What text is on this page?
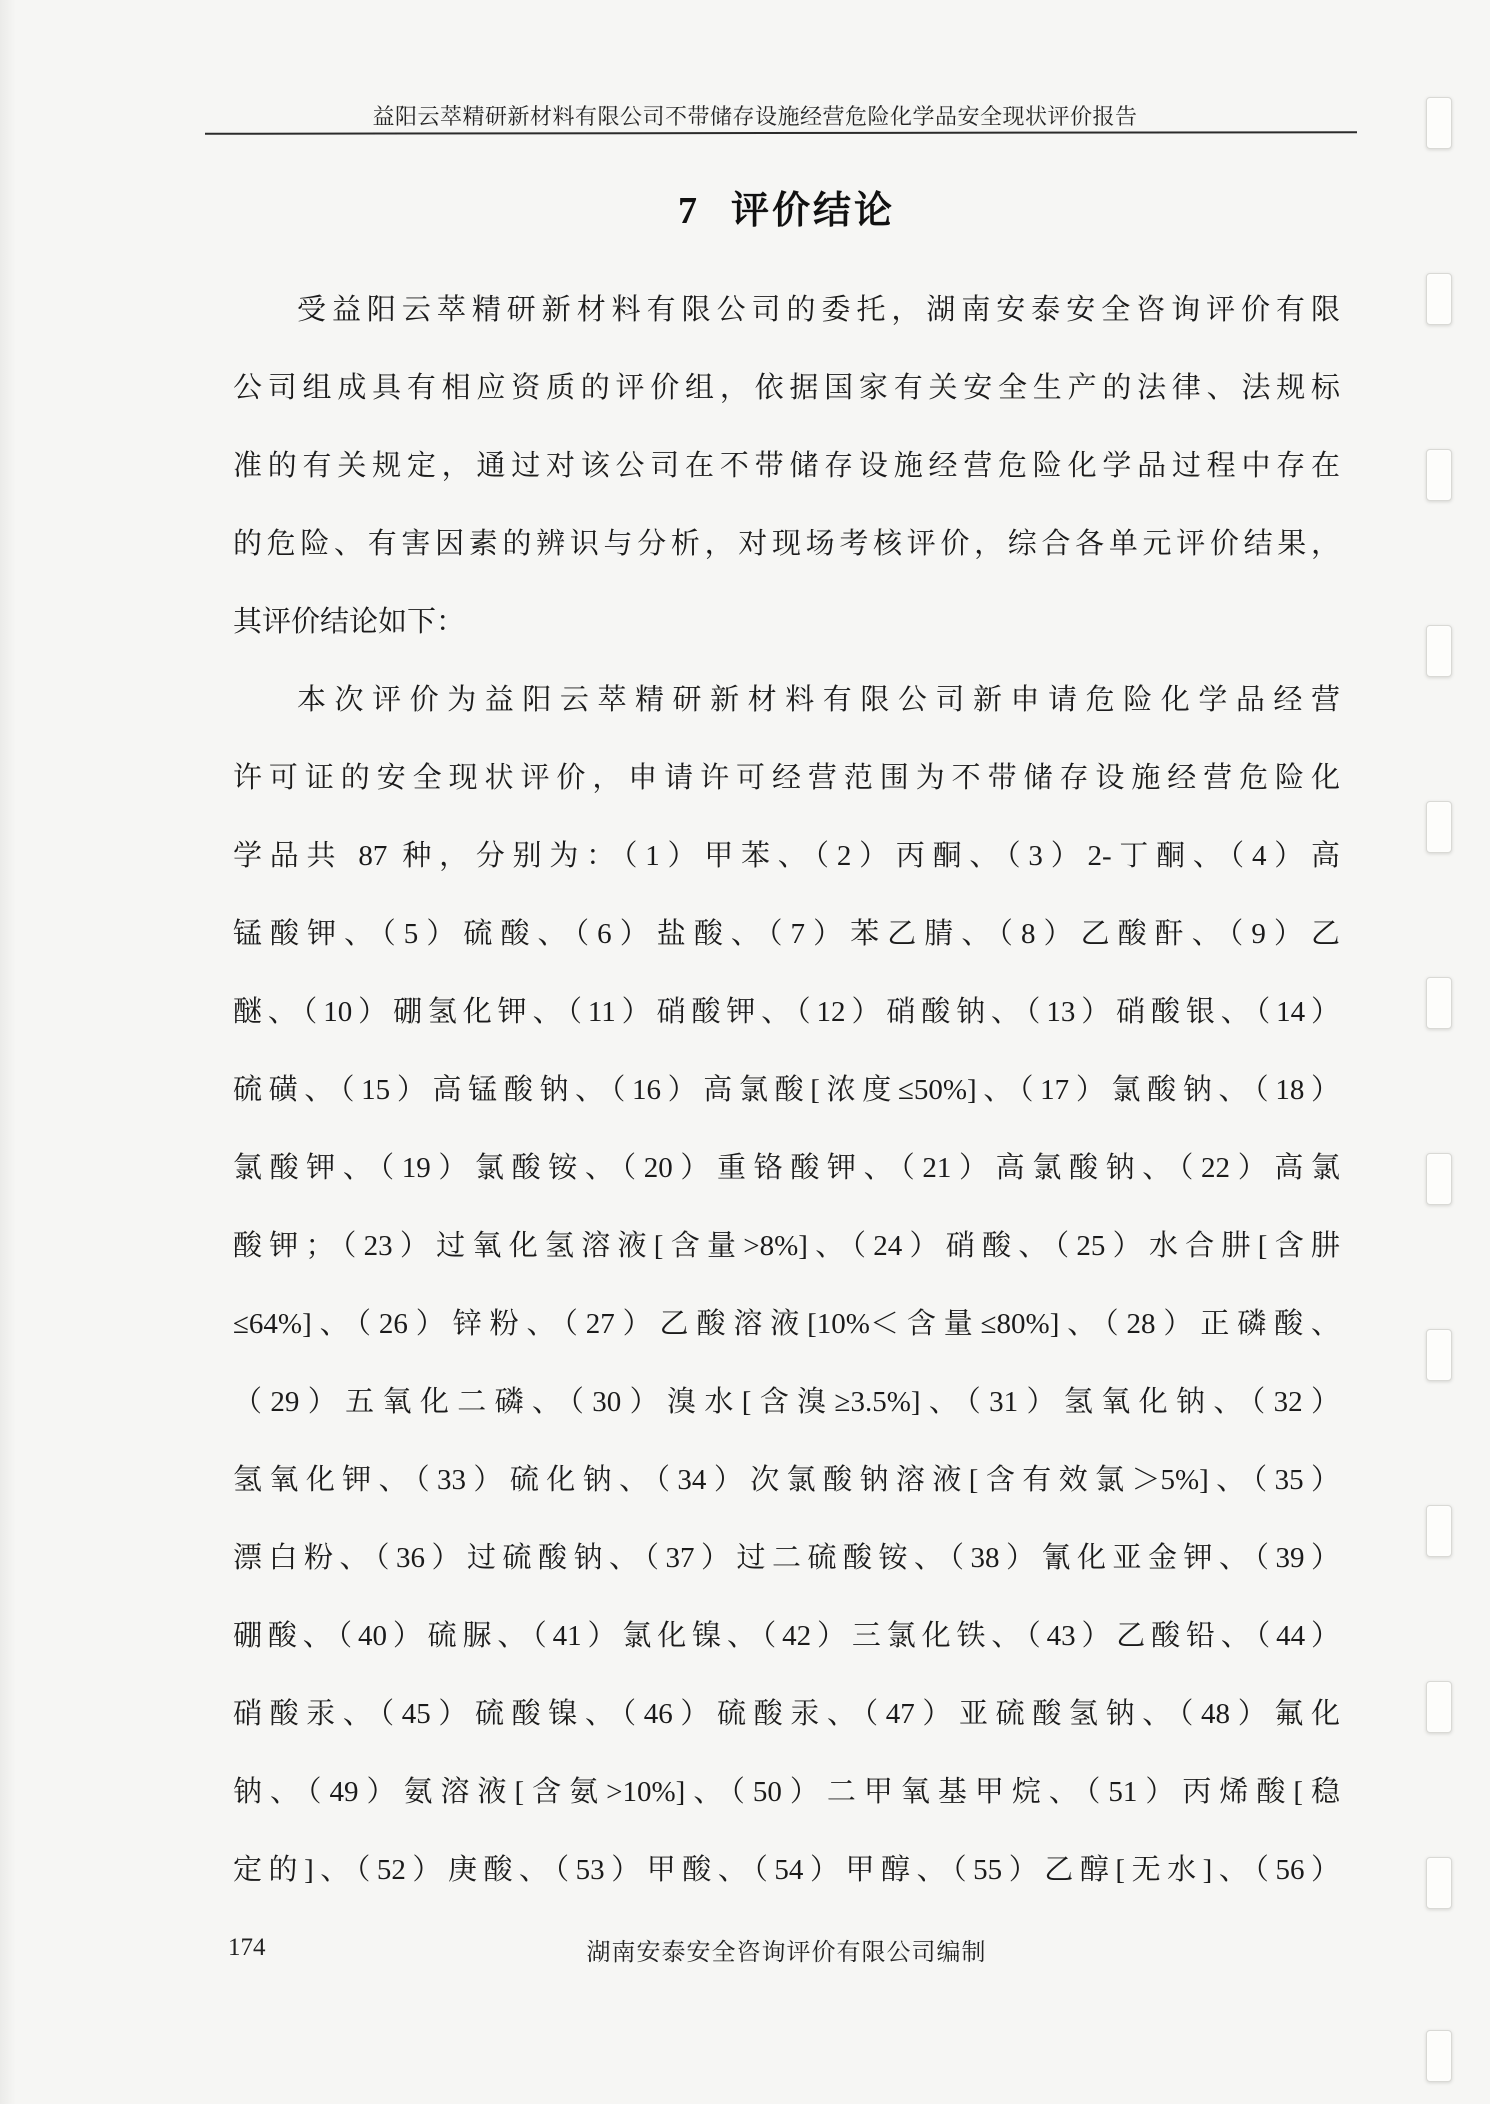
益阳云萃精研新材料有限公司不带储存设施经营危险化学品安全现状评价报告
7 评价结论
受益阳云萃精研新材料有限公司的委托，湖南安泰安全咨询评价有限
公司组成具有相应资质的评价组，依据国家有关安全生产的法律、法规标
准的有关规定，通过对该公司在不带储存设施经营危险化学品过程中存在
的危险、有害因素的辨识与分析，对现场考核评价，综合各单元评价结果，
其评价结论如下：
本次评价为益阳云萃精研新材料有限公司新申请危险化学品经营
许可证的安全现状评价，申请许可经营范围为不带储存设施经营危险化
学品共 87 种，分别为：（1）甲苯、（2）丙酮、（3）2-丁酮、（4）高
锰酸钾、（5）硫酸、（6）盐酸、（7）苯乙腈、（8）乙酸酐、（9）乙
醚、（10）硼氢化钾、（11）硝酸钾、（12）硝酸钠、（13）硝酸银、（14）
硫磺、（15）高锰酸钠、（16）高氯酸[浓度≤50%]、（17）氯酸钠、（18）
氯酸钾、（19）氯酸铵、（20）重铬酸钾、（21）高氯酸钠、（22）高氯
酸钾；（23）过氧化氢溶液[含量>8%]、（24）硝酸、（25）水合肼[含肼
≤64%]、（26）锌粉、（27）乙酸溶液[10%＜含量≤80%]、（28）正磷酸、
（29）五氧化二磷、（30）溴水[含溴≥3.5%]、（31）氢氧化钠、（32）
氢氧化钾、（33）硫化钠、（34）次氯酸钠溶液[含有效氯＞5%]、（35）
漂白粉、（36）过硫酸钠、（37）过二硫酸铵、（38）氰化亚金钾、（39）
硼酸、（40）硫脲、（41）氯化镍、（42）三氯化铁、（43）乙酸铅、（44）
硝酸汞、（45）硫酸镍、（46）硫酸汞、（47）亚硫酸氢钠、（48）氟化
钠、（49）氨溶液[含氨>10%]、（50）二甲氧基甲烷、（51）丙烯酸[稳
定的]、（52）庚酸、（53）甲酸、（54）甲醇、（55）乙醇[无水]、（56）
174	湖南安泰安全咨询评价有限公司编制
